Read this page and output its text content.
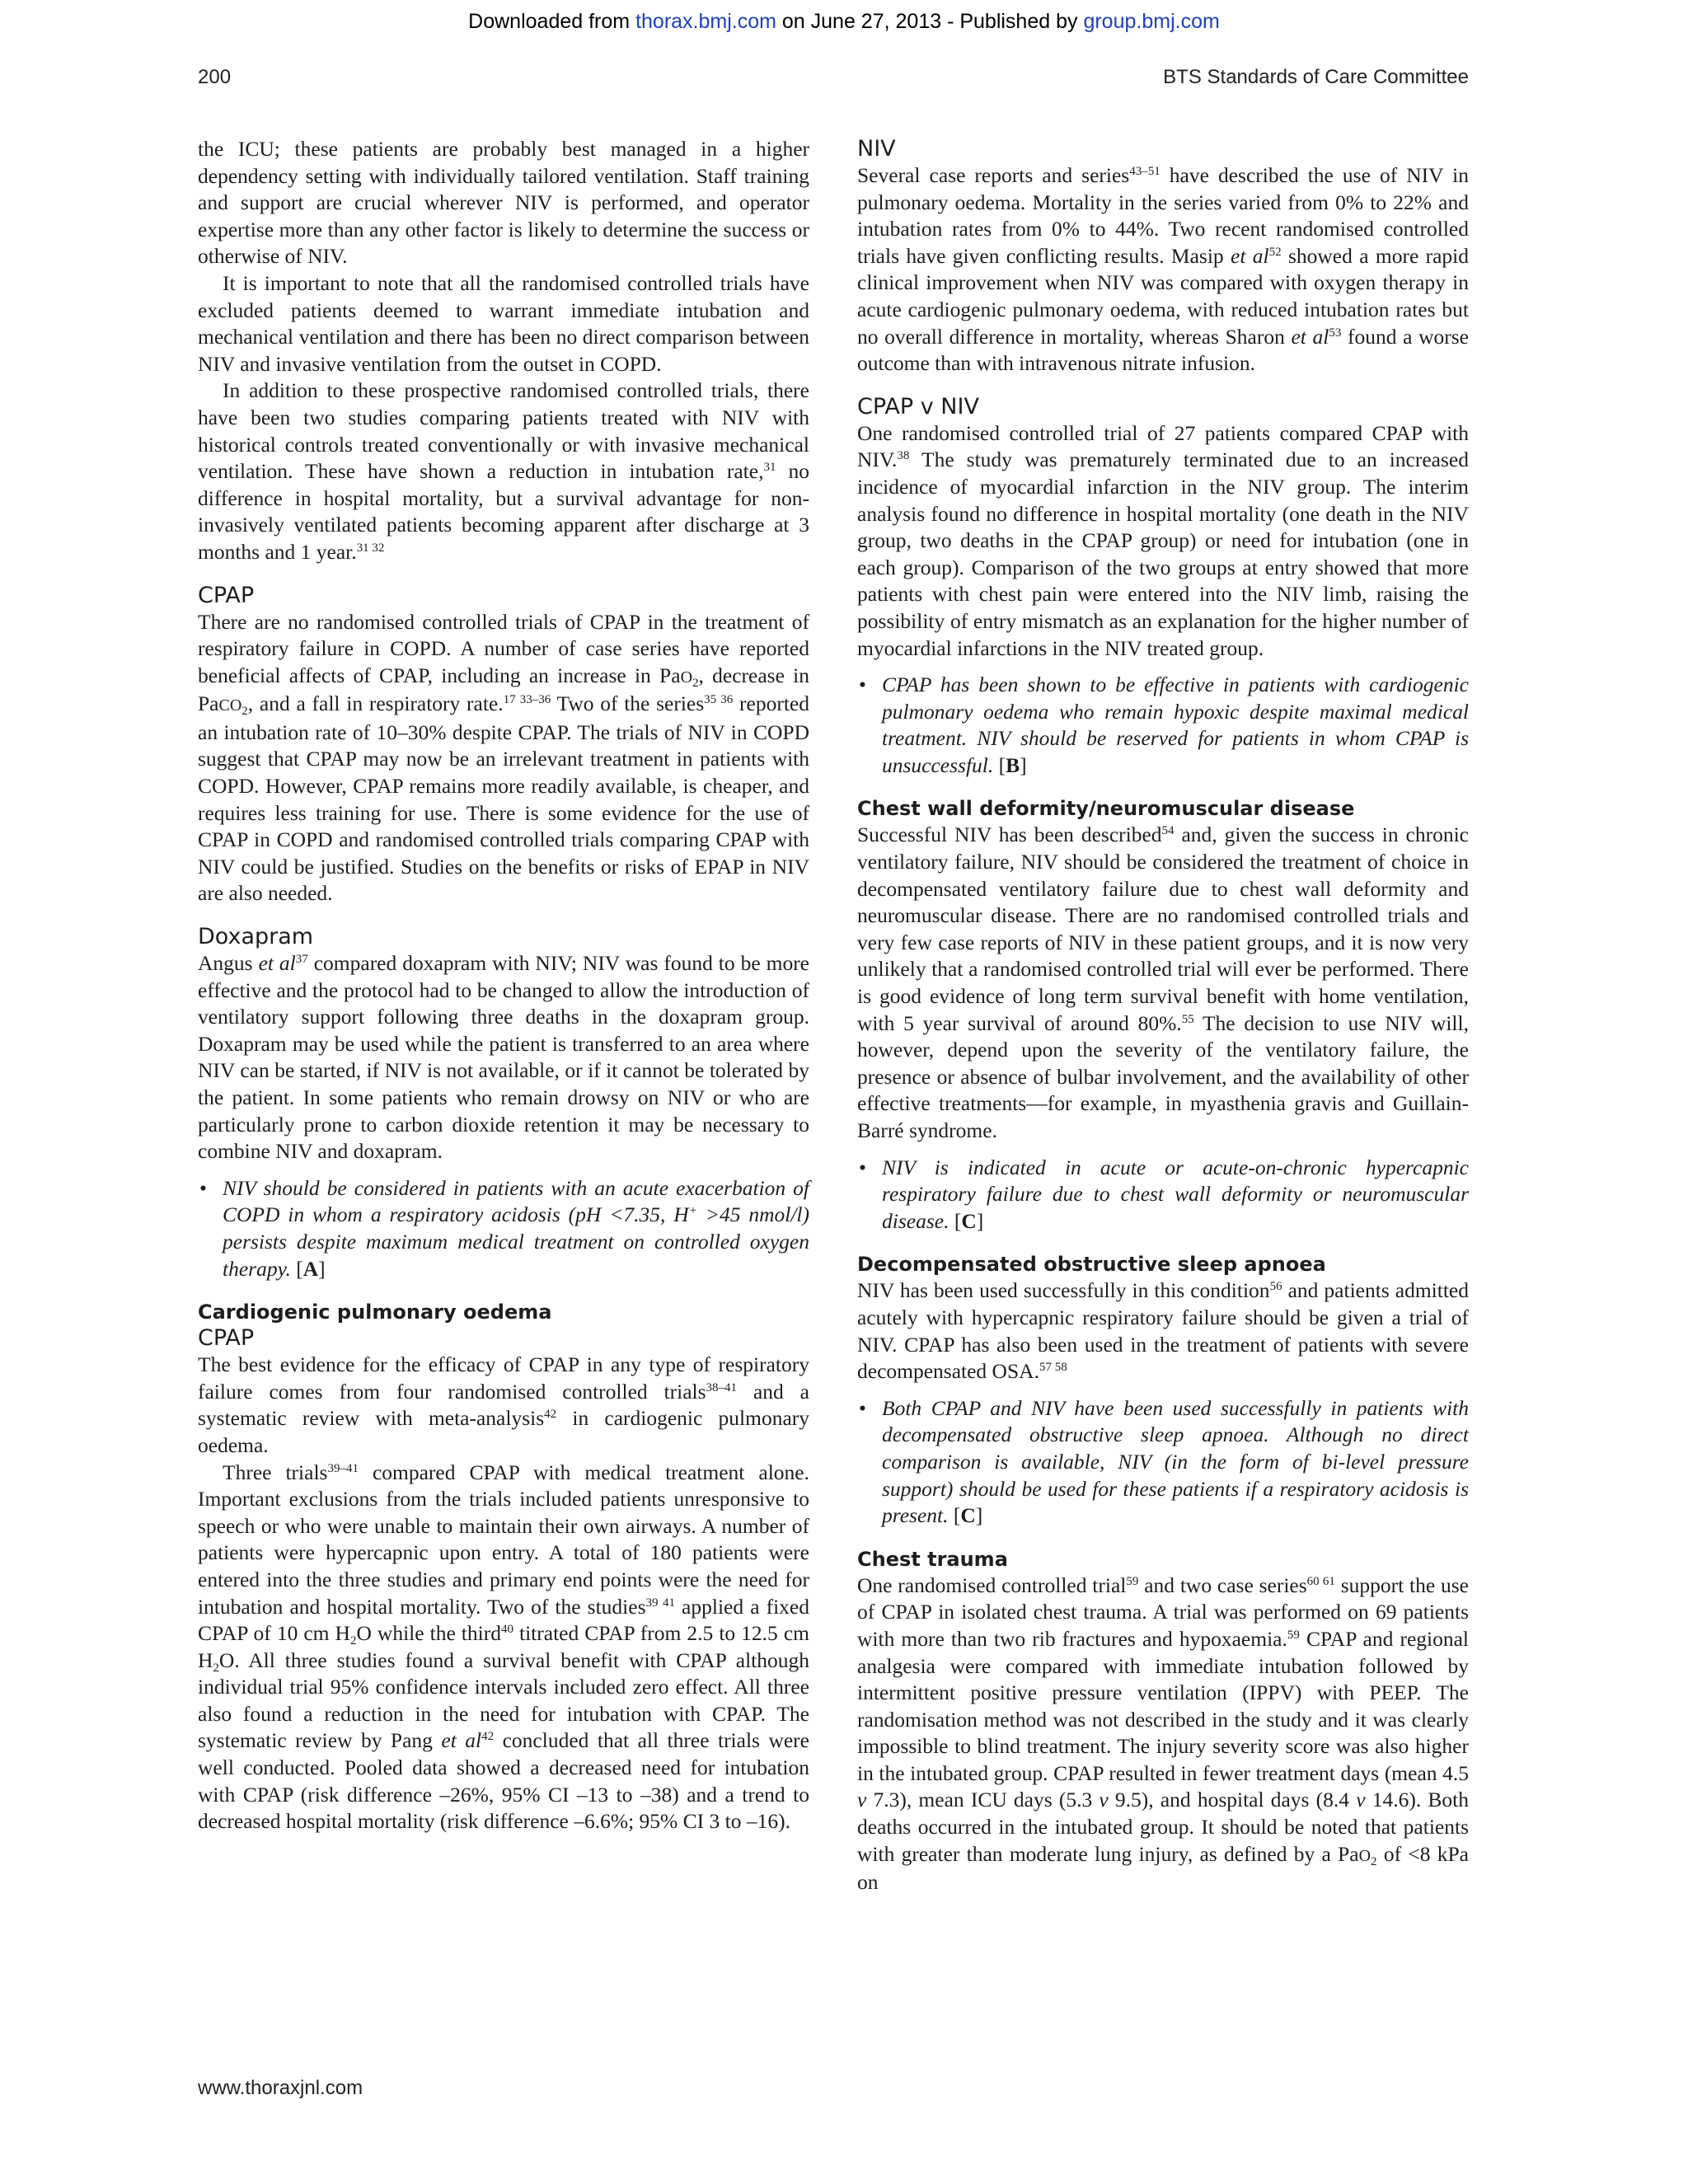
Downloaded from thorax.bmj.com on June 27, 2013 - Published by group.bmj.com
200	BTS Standards of Care Committee

the ICU; these patients are probably best managed in a higher dependency setting with individually tailored ventilation. Staff training and support are crucial wherever NIV is performed, and operator expertise more than any other factor is likely to determine the success or otherwise of NIV.

It is important to note that all the randomised controlled trials have excluded patients deemed to warrant immediate intubation and mechanical ventilation and there has been no direct comparison between NIV and invasive ventilation from the outset in COPD.

In addition to these prospective randomised controlled trials, there have been two studies comparing patients treated with NIV with historical controls treated conventionally or with invasive mechanical ventilation. These have shown a reduction in intubation rate,$^{31}$ no difference in hospital mortality, but a survival advantage for non-invasively ventilated patients becoming apparent after discharge at 3 months and 1 year.$^{31 32}$

CPAP

There are no randomised controlled trials of CPAP in the treatment of respiratory failure in COPD. A number of case series have reported beneficial affects of CPAP, including an increase in PaO$_2$, decrease in PaCO$_2$, and a fall in respiratory rate.$^{17 33-36}$ Two of the series$^{35 36}$ reported an intubation rate of 10–30% despite CPAP. The trials of NIV in COPD suggest that CPAP may now be an irrelevant treatment in patients with COPD. However, CPAP remains more readily available, is cheaper, and requires less training for use. There is some evidence for the use of CPAP in COPD and randomised controlled trials comparing CPAP with NIV could be justified. Studies on the benefits or risks of EPAP in NIV are also needed.

Doxapram

Angus et $al^{37}$ compared doxapram with NIV; NIV was found to be more effective and the protocol had to be changed to allow the introduction of ventilatory support following three deaths in the doxapram group. Doxapram may be used while the patient is transferred to an area where NIV can be started, if NIV is not available, or if it cannot be tolerated by the patient. In some patients who remain drowsy on NIV or who are particularly prone to carbon dioxide retention it may be necessary to combine NIV and doxapram.

• NIV should be considered in patients with an acute exacerbation of COPD in whom a respiratory acidosis (pH <7.35, H+ >45 nmol/l) persists despite maximum medical treatment on controlled oxygen therapy. [A]
Cardiogenic pulmonary oedema
CPAP

The best evidence for the efficacy of CPAP in any type of respiratory failure comes from four randomised controlled trials$^{38-41}$ and a systematic review with meta-analysis$^{42}$ in cardiogenic pulmonary oedema.

Three trials$^{39-41}$ compared CPAP with medical treatment alone. Important exclusions from the trials included patients unresponsive to speech or who were unable to maintain their own airways. A number of patients were hypercapnic upon entry. A total of 180 patients were entered into the three studies and primary end points were the need for intubation and hospital mortality. Two of the studies$^{39 41}$ applied a fixed CPAP of 10 cm $H_2O$ while the third$^{40}$ titrated CPAP from 2.5 to 12.5 cm $H_2O$. All three studies found a survival benefit with CPAP although individual trial 95% confidence intervals included zero effect. All three also found a reduction in the need for intubation with CPAP. The systematic review by Pang et $al^{42}$ concluded that all three trials were well conducted. Pooled data showed a decreased need for intubation with CPAP (risk difference –26%, 95% CI –13 to –38) and a trend to decreased hospital mortality (risk difference –6.6%; 95% CI 3 to –16).

NIV

Several case reports and series$^{43-51}$ have described the use of NIV in pulmonary oedema. Mortality in the series varied from 0% to 22% and intubation rates from 0% to 44%. Two recent randomised controlled trials have given conflicting results. Masip et $al^{52}$ showed a more rapid clinical improvement when NIV was compared with oxygen therapy in acute cardiogenic pulmonary oedema, with reduced intubation rates but no overall difference in mortality, whereas Sharon et $al^{53}$ found a worse outcome than with intravenous nitrate infusion.

CPAP v NIV

One randomised controlled trial of 27 patients compared CPAP with NIV.$^{38}$ The study was prematurely terminated due to an increased incidence of myocardial infarction in the NIV group. The interim analysis found no difference in hospital mortality (one death in the NIV group, two deaths in the CPAP group) or need for intubation (one in each group). Comparison of the two groups at entry showed that more patients with chest pain were entered into the NIV limb, raising the possibility of entry mismatch as an explanation for the higher number of myocardial infarctions in the NIV treated group.

• CPAP has been shown to be effective in patients with cardiogenic pulmonary oedema who remain hypoxic despite maximal medical treatment. NIV should be reserved for patients in whom CPAP is unsuccessful. [B]
Chest wall deformity/neuromuscular disease

Successful NIV has been described$^{54}$ and, given the success in chronic ventilatory failure, NIV should be considered the treatment of choice in decompensated ventilatory failure due to chest wall deformity and neuromuscular disease. There are no randomised controlled trials and very few case reports of NIV in these patient groups, and it is now very unlikely that a randomised controlled trial will ever be performed. There is good evidence of long term survival benefit with home ventilation, with 5 year survival of around 80%.$^{55}$ The decision to use NIV will, however, depend upon the severity of the ventilatory failure, the presence or absence of bulbar involvement, and the availability of other effective treatments—for example, in myasthenia gravis and Guillain-Barré syndrome.

• NIV is indicated in acute or acute-on-chronic hypercapnic respiratory failure due to chest wall deformity or neuromuscular disease. [C]
Decompensated obstructive sleep apnoea

NIV has been used successfully in this condition$^{56}$ and patients admitted acutely with hypercapnic respiratory failure should be given a trial of NIV. CPAP has also been used in the treatment of patients with severe decompensated OSA.$^{57 58}$

• Both CPAP and NIV have been used successfully in patients with decompensated obstructive sleep apnoea. Although no direct comparison is available, NIV (in the form of bi-level pressure support) should be used for these patients if a respiratory acidosis is present. [C]
Chest trauma

One randomised controlled trial$^{59}$ and two case series$^{60 61}$ support the use of CPAP in isolated chest trauma. A trial was performed on 69 patients with more than two rib fractures and hypoxaemia.$^{59}$ CPAP and regional analgesia were compared with immediate intubation followed by intermittent positive pressure ventilation (IPPV) with PEEP. The randomisation method was not described in the study and it was clearly impossible to blind treatment. The injury severity score was also higher in the intubated group. CPAP resulted in fewer treatment days (mean 4.5 v 7.3), mean ICU days (5.3 v 9.5), and hospital days (8.4 v 14.6). Both deaths occurred in the intubated group. It should be noted that patients with greater than moderate lung injury, as defined by a PaO$_2$ of <8 kPa on

www.thoraxjnl.com
